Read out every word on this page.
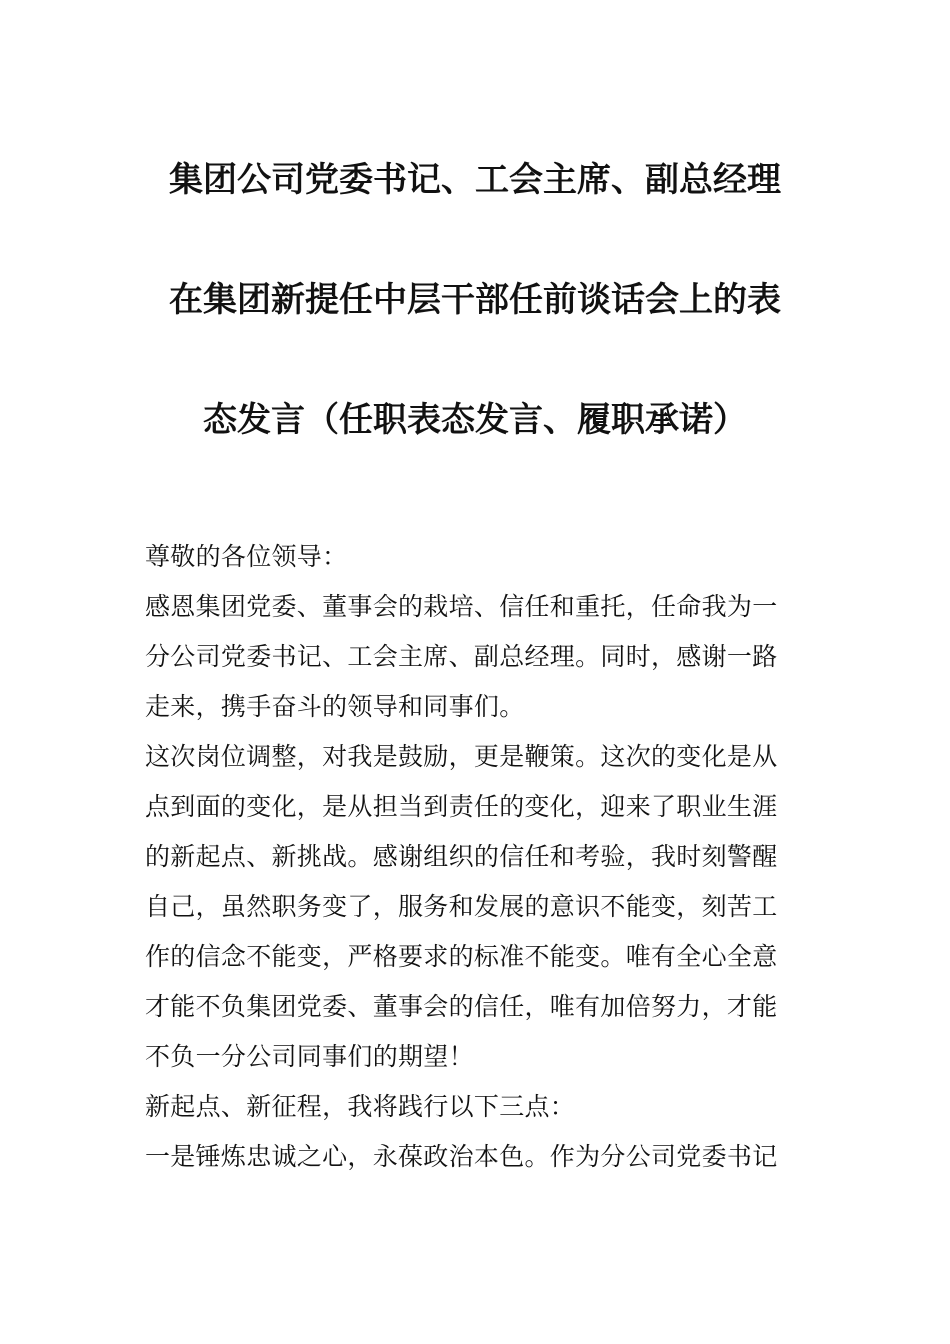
集团公司党委书记、工会主席、副总经理
在集团新提任中层干部任前谈话会上的表
态发言（任职表态发言、履职承诺）
尊敬的各位领导：
感恩集团党委、董事会的栽培、信任和重托，任命我为一
分公司党委书记、工会主席、副总经理。同时，感谢一路
走来，携手奋斗的领导和同事们。
这次岗位调整，对我是鼓励，更是鞭策。这次的变化是从
点到面的变化，是从担当到责任的变化，迎来了职业生涯
的新起点、新挑战。感谢组织的信任和考验，我时刻警醒
自己，虽然职务变了，服务和发展的意识不能变，刻苦工
作的信念不能变，严格要求的标准不能变。唯有全心全意
才能不负集团党委、董事会的信任，唯有加倍努力，才能
不负一分公司同事们的期望！
新起点、新征程，我将践行以下三点：
一是锤炼忠诚之心，永葆政治本色。作为分公司党委书记
